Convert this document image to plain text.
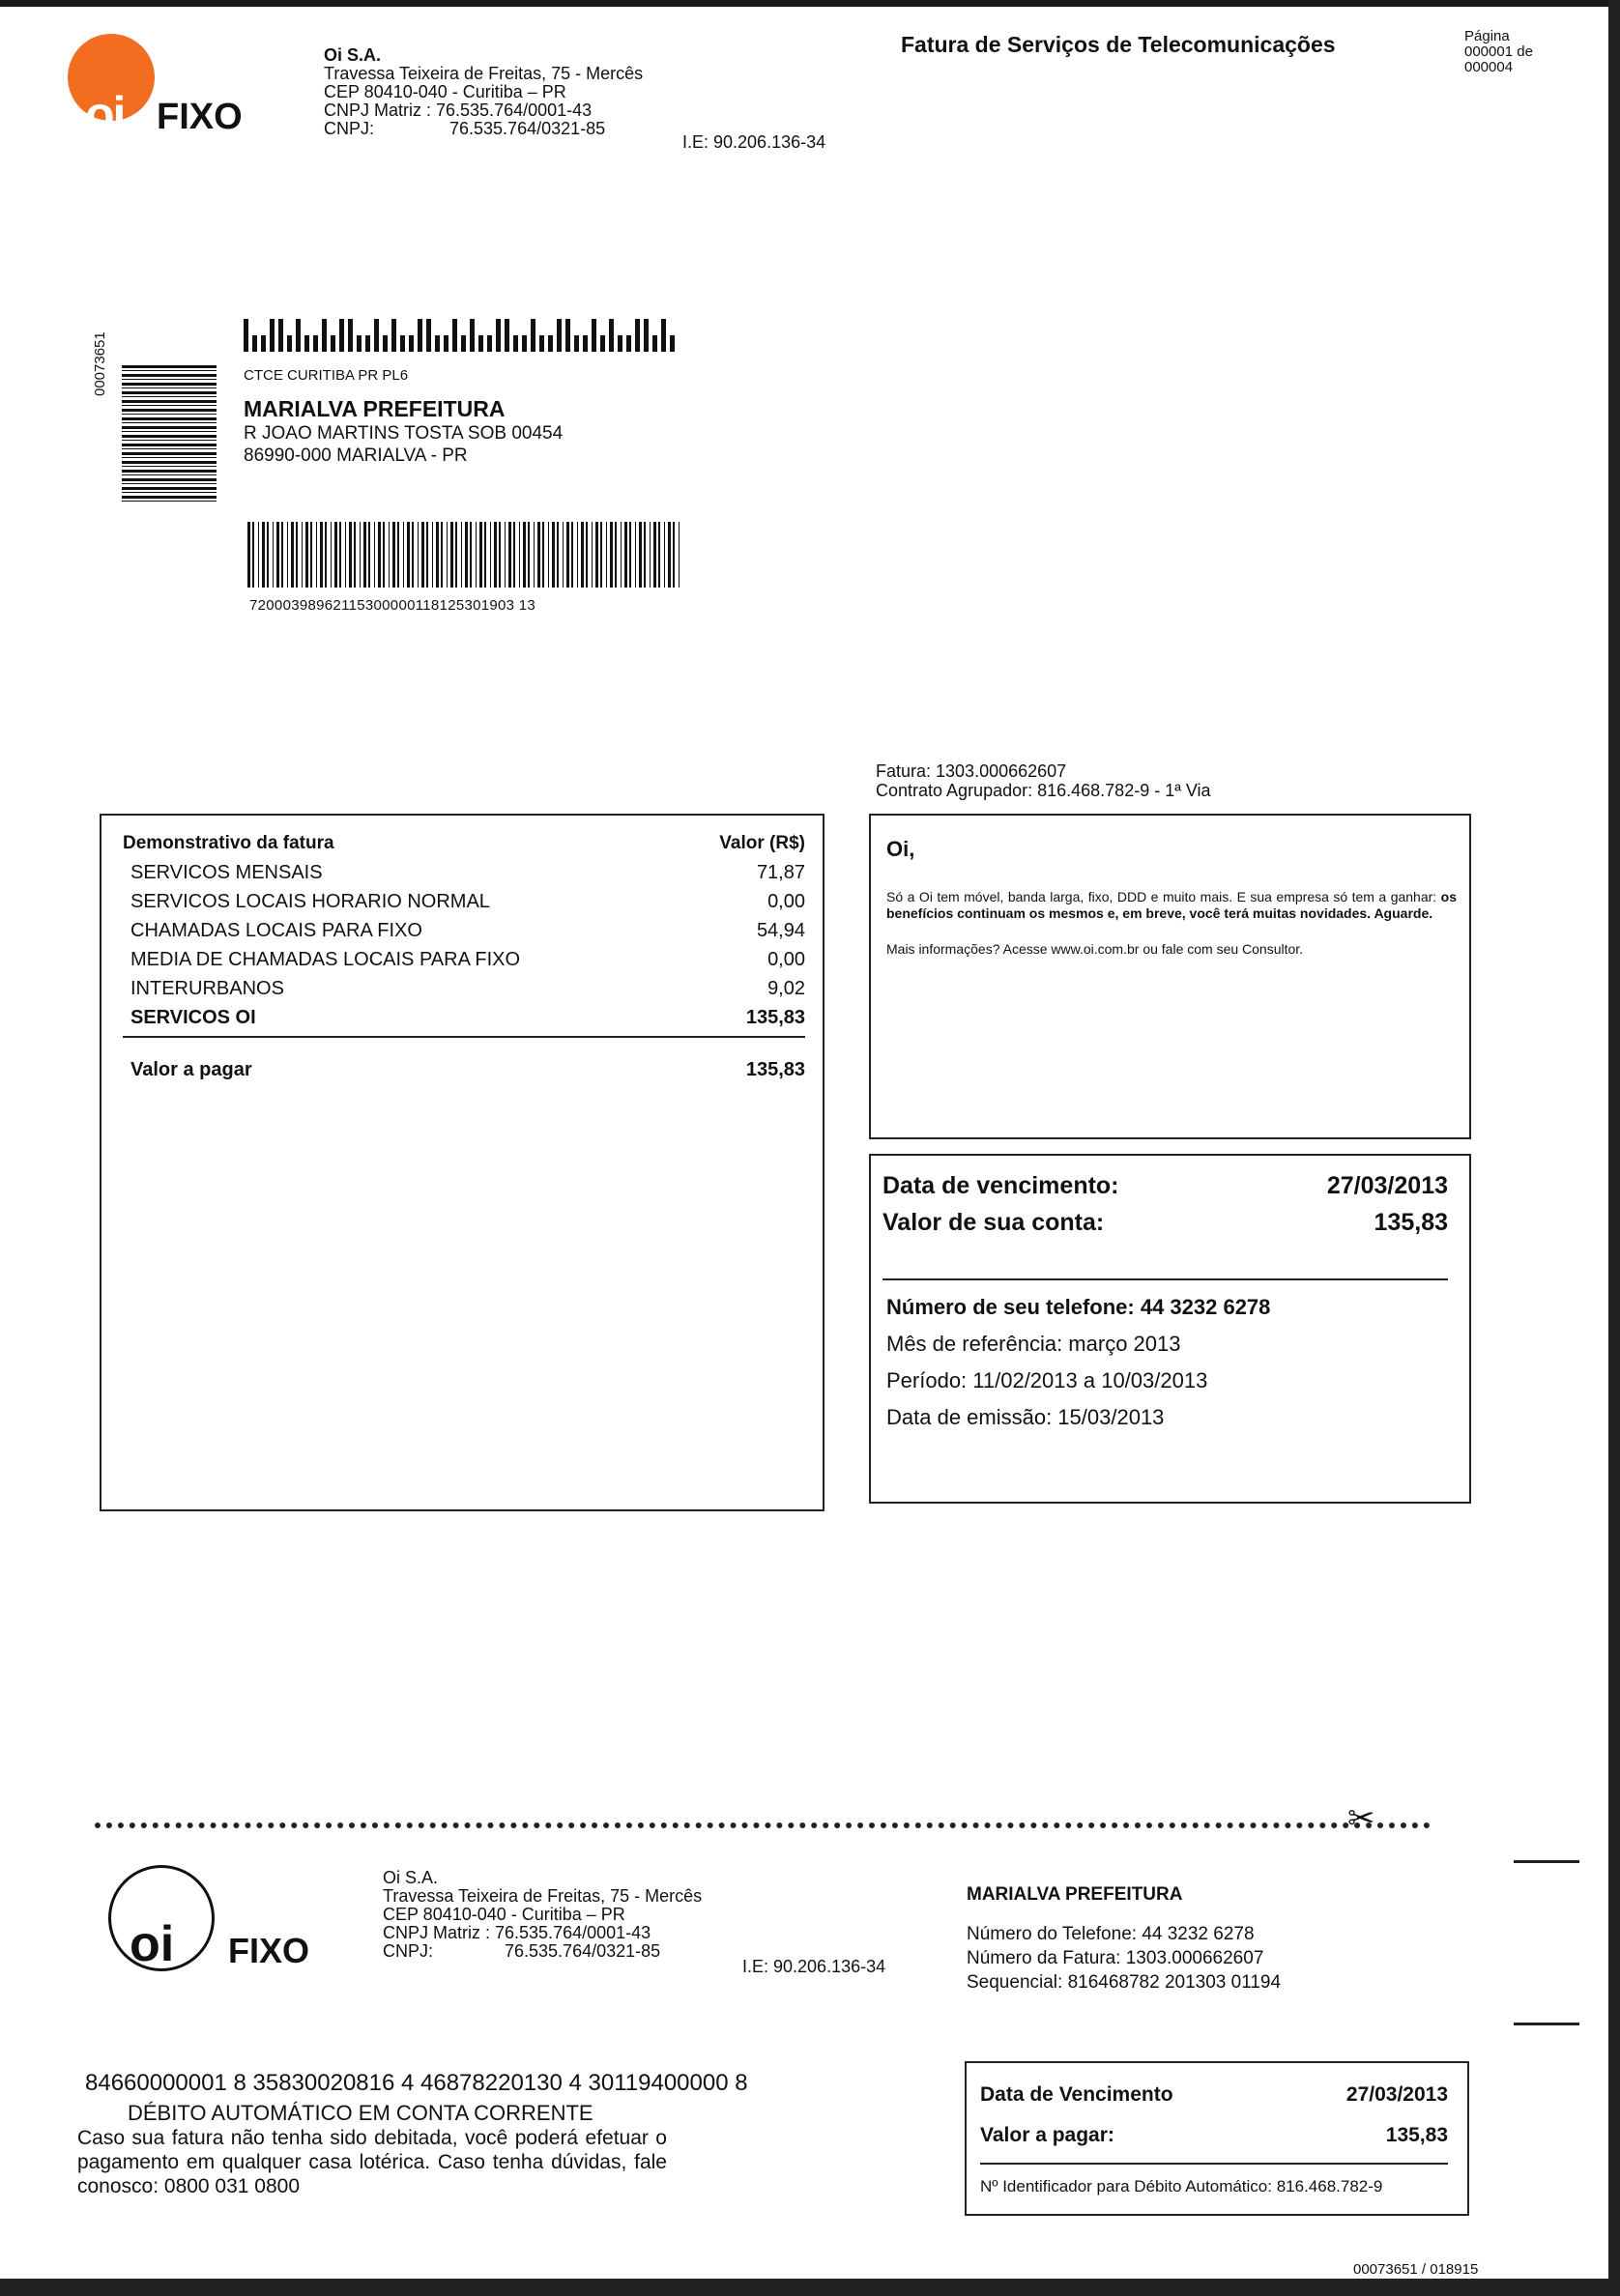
oi FIXO
Oi S.A.
Travessa Teixeira de Freitas, 75 - Mercês
CEP 80410-040 - Curitiba – PR
CNPJ Matriz : 76.535.764/0001-43
CNPJ:	76.535.764/0321-85
I.E: 90.206.136-34
Fatura de Serviços de Telecomunicações	Página
000001 de
000004
00073651	CTCE CURITIBA PR PL6
MARIALVA PREFEITURA
R JOAO MARTINS TOSTA SOB 00454
86990-000 MARIALVA - PR
72000398962115300000118125301903 13
Fatura: 1303.000662607
Contrato Agrupador: 816.468.782-9 - 1ª Via
Demonstrativo da fatura	Valor (R$)
SERVICOS MENSAIS	71,87
SERVICOS LOCAIS HORARIO NORMAL	0,00
CHAMADAS LOCAIS PARA FIXO	54,94
MEDIA DE CHAMADAS LOCAIS PARA FIXO	0,00
INTERURBANOS	9,02
SERVICOS OI	135,83
Valor a pagar	135,83
Oi,
Só a Oi tem móvel, banda larga, fixo, DDD e muito mais. E sua empresa só tem a ganhar: os benefícios continuam os mesmos e, em breve, você terá muitas novidades. Aguarde.
Mais informações? Acesse www.oi.com.br ou fale com seu Consultor.
Data de vencimento:	27/03/2013
Valor de sua conta:	135,83
Número de seu telefone: 44 3232 6278
Mês de referência: março 2013
Período: 11/02/2013 a 10/03/2013
Data de emissão: 15/03/2013
✂
oi FIXO
Oi S.A.
Travessa Teixeira de Freitas, 75 - Mercês
CEP 80410-040 - Curitiba – PR
CNPJ Matriz : 76.535.764/0001-43
CNPJ:	76.535.764/0321-85
I.E: 90.206.136-34
MARIALVA PREFEITURA
Número do Telefone: 44 3232 6278
Número da Fatura: 1303.000662607
Sequencial: 816468782 201303 01194
84660000001 8 35830020816 4 46878220130 4 30119400000 8
DÉBITO AUTOMÁTICO EM CONTA CORRENTE
Caso sua fatura não tenha sido debitada, você poderá efetuar o pagamento em qualquer casa lotérica. Caso tenha dúvidas, fale conosco: 0800 031 0800
Data de Vencimento	27/03/2013
Valor a pagar:	135,83
Nº Identificador para Débito Automático: 816.468.782-9
00073651 / 018915
